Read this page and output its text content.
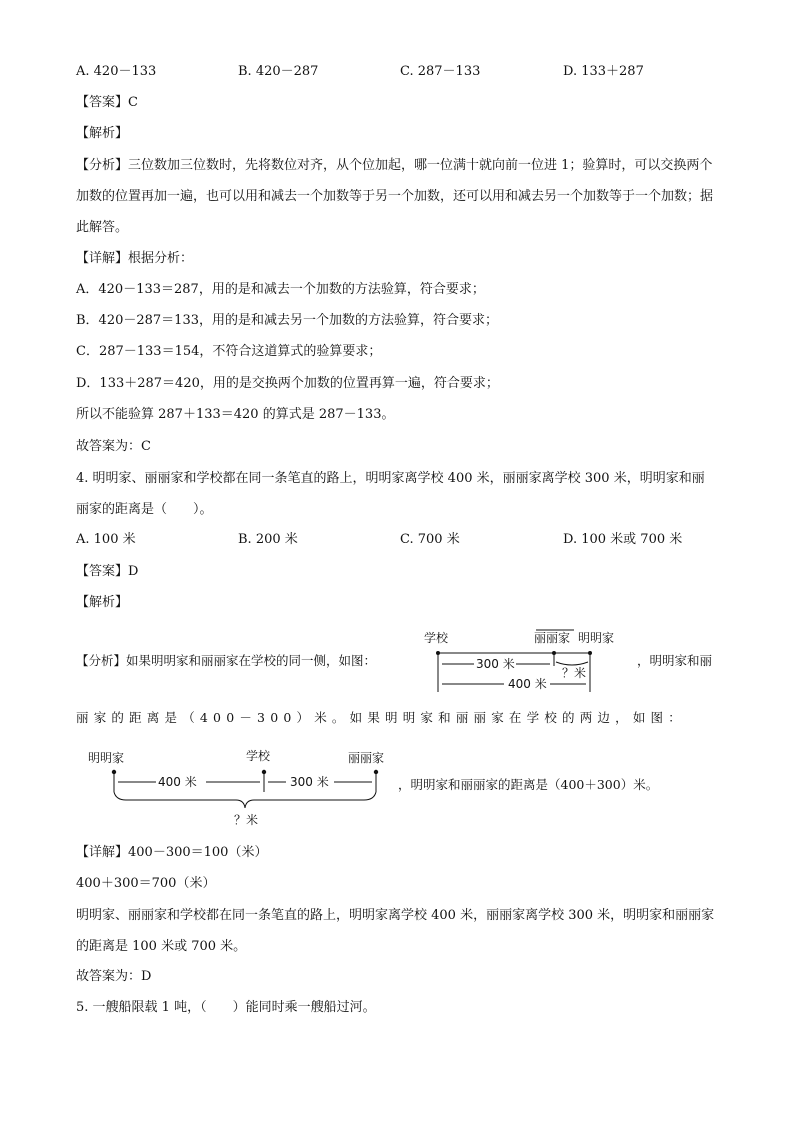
A. 420－133	B. 420－287	C. 287－133	D. 133＋287
【答案】C
【解析】
【分析】三位数加三位数时，先将数位对齐，从个位加起，哪一位满十就向前一位进 1；验算时，可以交换两个加数的位置再加一遍，也可以用和减去一个加数等于另一个加数，还可以用和减去另一个加数等于一个加数；据此解答。
【详解】根据分析：
A．420－133＝287，用的是和减去一个加数的方法验算，符合要求；
B．420－287＝133，用的是和减去另一个加数的方法验算，符合要求；
C．287－133＝154，不符合这道算式的验算要求；
D．133＋287＝420，用的是交换两个加数的位置再算一遍，符合要求；
所以不能验算 287＋133＝420 的算式是 287－133。
故答案为：C
4. 明明家、丽丽家和学校都在同一条笔直的路上，明明家离学校 400 米，丽丽家离学校 300 米，明明家和丽丽家的距离是（　　）。
A. 100 米	B. 200 米	C. 700 米	D. 100 米或 700 米
【答案】D
【解析】
【分析】如果明明家和丽丽家在学校的同一侧，如图：
学校	丽丽家 明明家
300 米
？米
400 米
，明明家和丽
丽家的距离是（400－300）米。如果明明家和丽丽家在学校的两边，如图：
明明家	学校	丽丽家
400 米	300 米
？米
，明明家和丽丽家的距离是（400＋300）米。
【详解】400－300＝100（米）
400＋300＝700（米）
明明家、丽丽家和学校都在同一条笔直的路上，明明家离学校 400 米，丽丽家离学校 300 米，明明家和丽丽家的距离是 100 米或 700 米。
故答案为：D
5. 一艘船限载 1 吨，（　　）能同时乘一艘船过河。
